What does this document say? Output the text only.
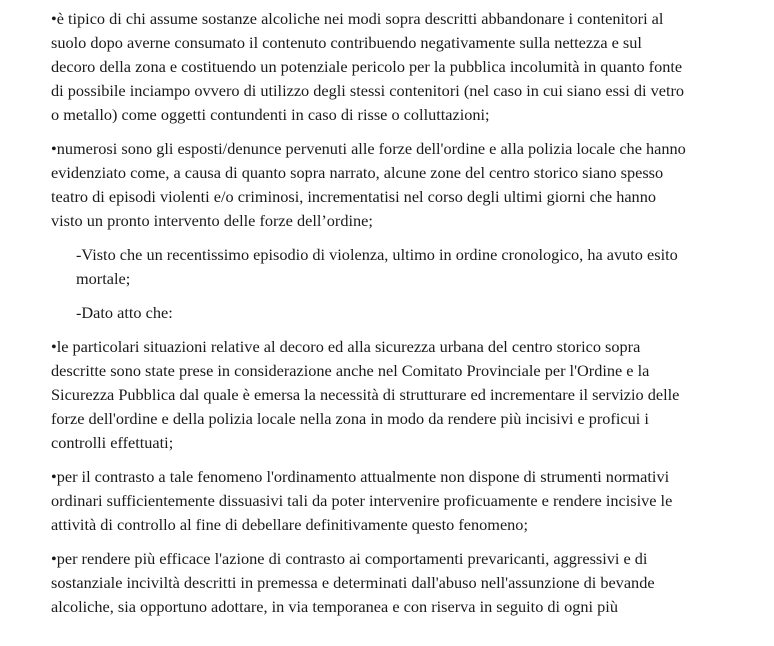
•è tipico di chi assume sostanze alcoliche nei modi sopra descritti abbandonare i contenitori al
suolo dopo averne consumato il contenuto contribuendo negativamente sulla nettezza e sul
decoro della zona e costituendo un potenziale pericolo per la pubblica incolumità in quanto fonte
di possibile inciampo ovvero di utilizzo degli stessi contenitori (nel caso in cui siano essi di vetro
o metallo) come oggetti contundenti in caso di risse o colluttazioni;

•numerosi sono gli esposti/denunce pervenuti alle forze dell'ordine e alla polizia locale che hanno
evidenziato come, a causa di quanto sopra narrato, alcune zone del centro storico siano spesso
teatro di episodi violenti e/o criminosi, incrementatisi nel corso degli ultimi giorni che hanno
visto un pronto intervento delle forze dell’ordine;

-Visto che un recentissimo episodio di violenza, ultimo in ordine cronologico, ha avuto esito
mortale;

-Dato atto che:

•le particolari situazioni relative al decoro ed alla sicurezza urbana del centro storico sopra
descritte sono state prese in considerazione anche nel Comitato Provinciale per l'Ordine e la
Sicurezza Pubblica dal quale è emersa la necessità di strutturare ed incrementare il servizio delle
forze dell'ordine e della polizia locale nella zona in modo da rendere più incisivi e proficui i
controlli effettuati;

•per il contrasto a tale fenomeno l'ordinamento attualmente non dispone di strumenti normativi
ordinari sufficientemente dissuasivi tali da poter intervenire proficuamente e rendere incisive le
attività di controllo al fine di debellare definitivamente questo fenomeno;

•per rendere più efficace l'azione di contrasto ai comportamenti prevaricanti, aggressivi e di
sostanziale inciviltà descritti in premessa e determinati dall'abuso nell'assunzione di bevande
alcoliche, sia opportuno adottare, in via temporanea e con riserva in seguito di ogni più
